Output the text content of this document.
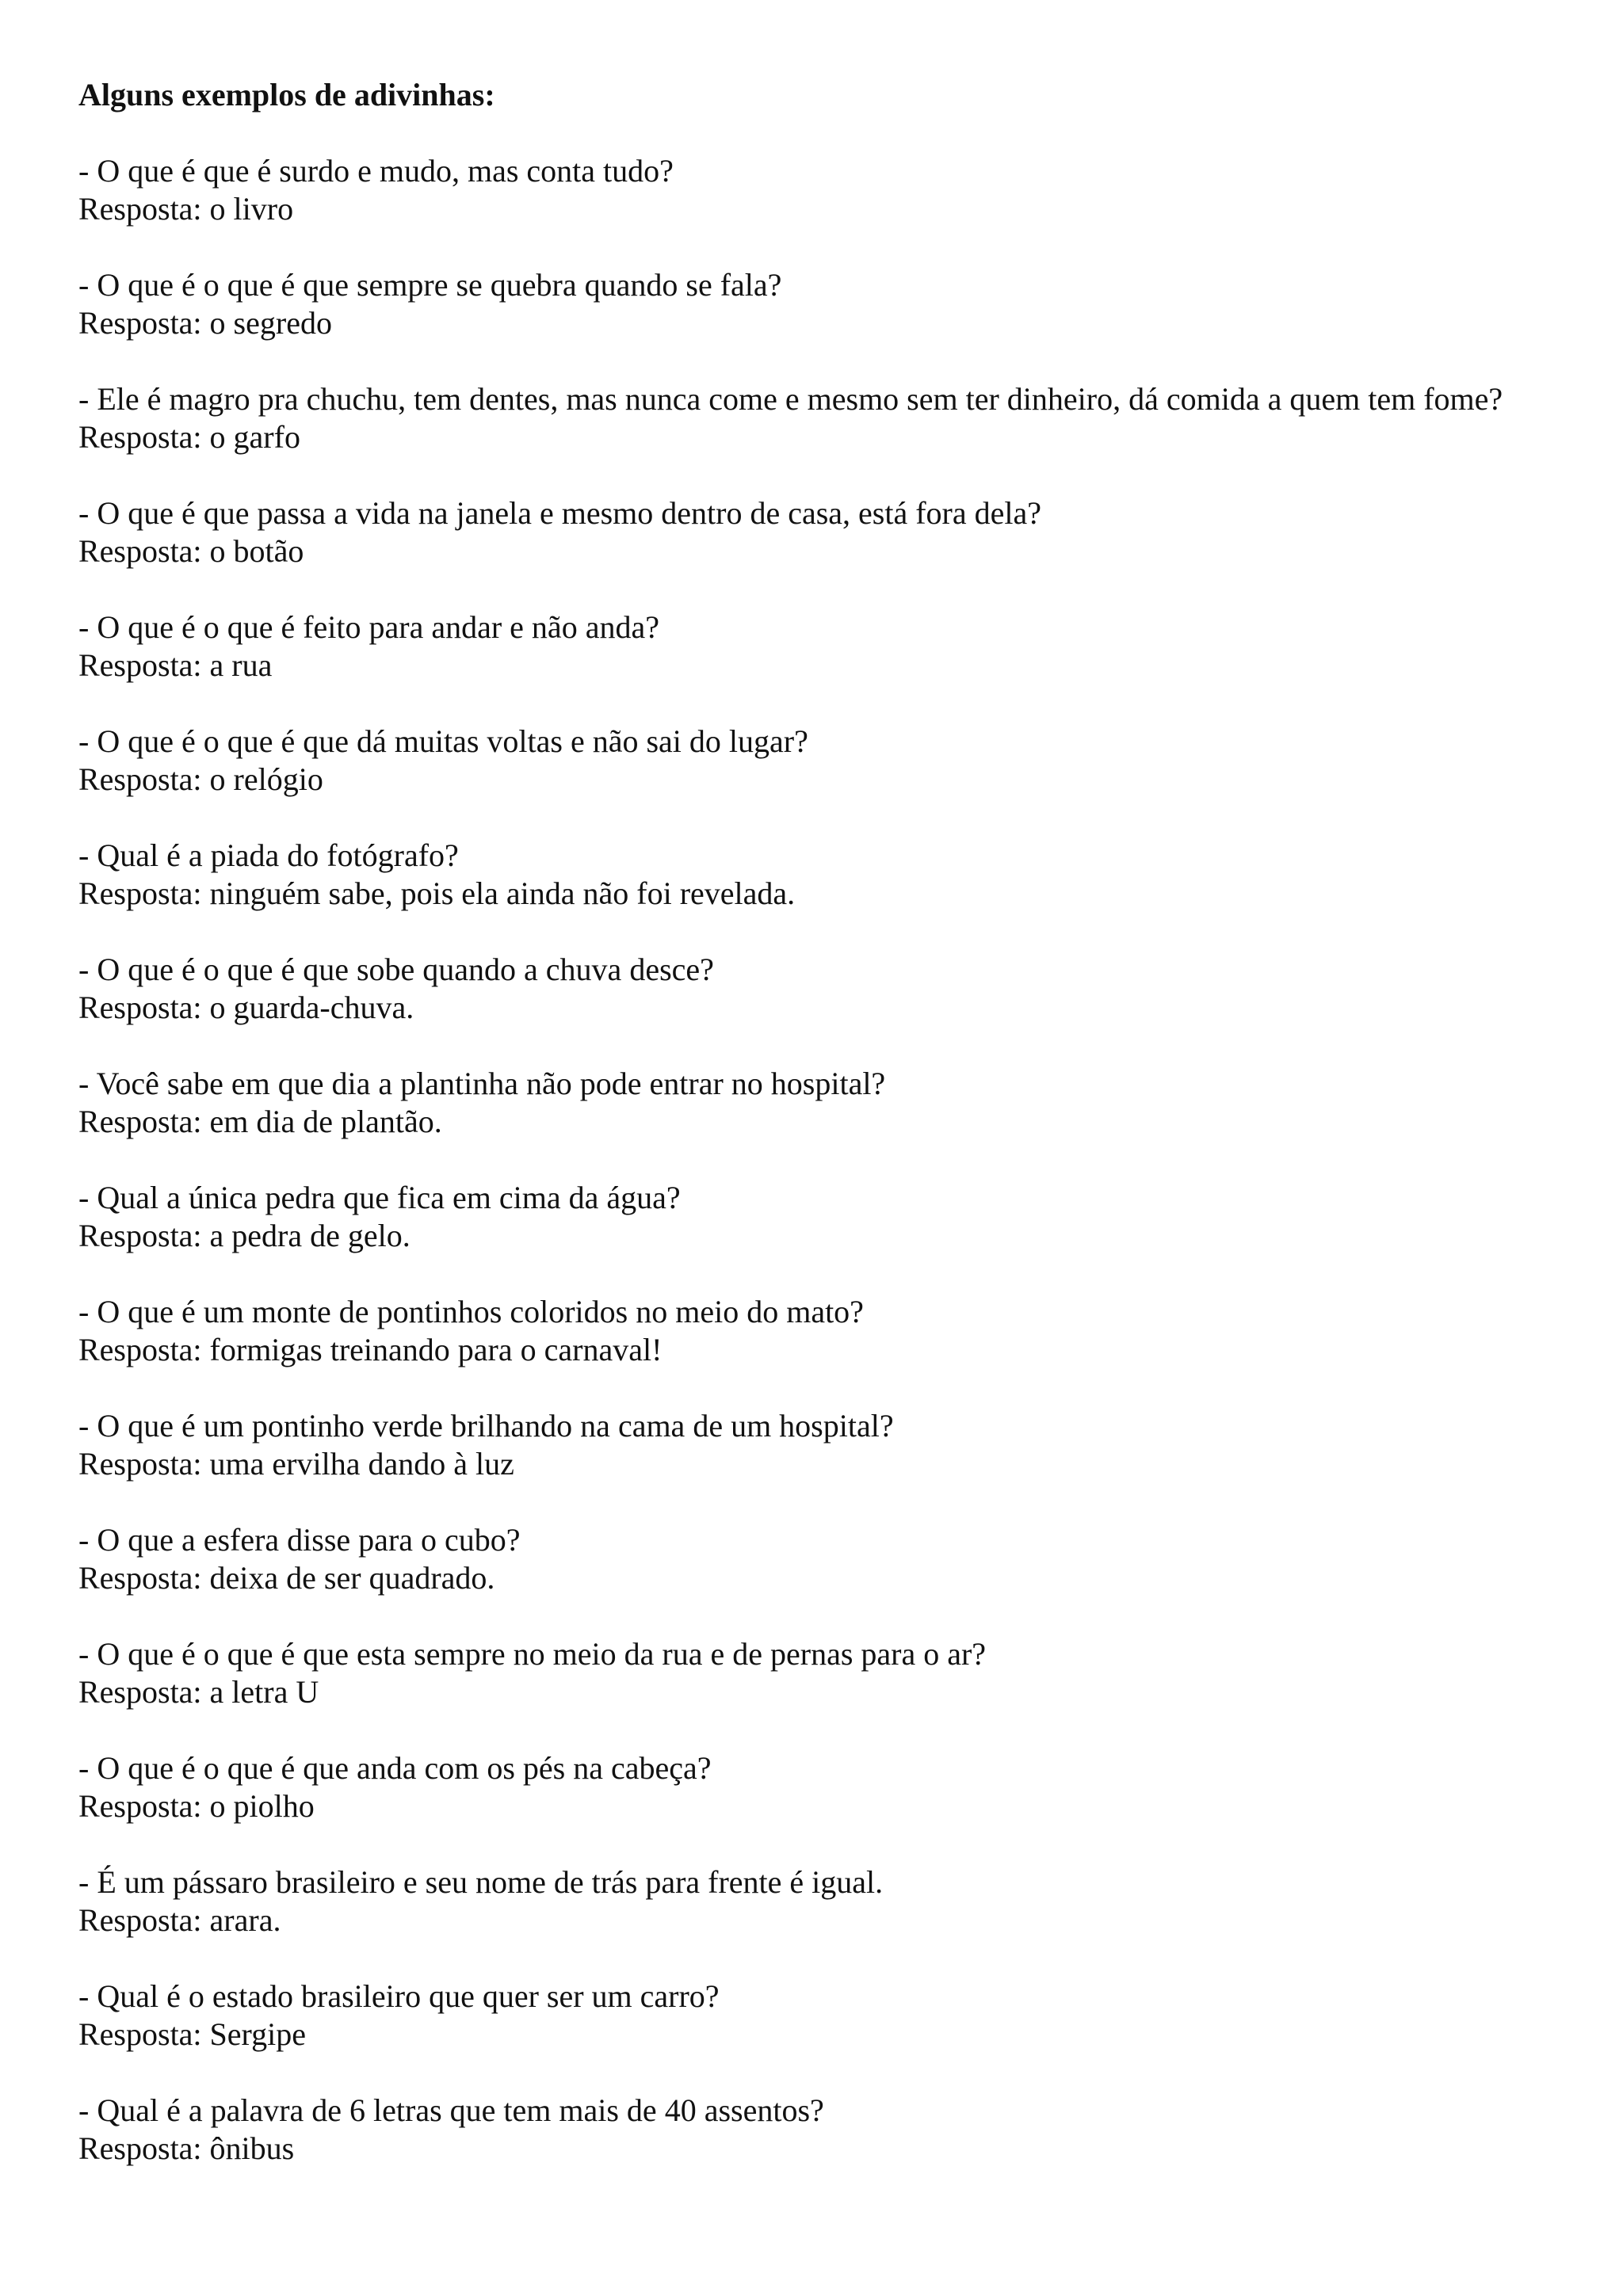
Alguns exemplos de adivinhas:
- O que é que é surdo e mudo, mas conta tudo?
Resposta: o livro
- O que é o que é que sempre se quebra quando se fala?
Resposta: o segredo
- Ele é magro pra chuchu, tem dentes, mas nunca come e mesmo sem ter dinheiro, dá comida a quem tem fome?
Resposta: o garfo
- O que é que passa a vida na janela e mesmo dentro de casa, está fora dela?
Resposta: o botão
- O que é o que é feito para andar e não anda?
Resposta: a rua
- O que é o que é que dá muitas voltas e não sai do lugar?
Resposta: o relógio
- Qual é a piada do fotógrafo?
Resposta: ninguém sabe, pois ela ainda não foi revelada.
- O que é o que é que sobe quando a chuva desce?
Resposta: o guarda-chuva.
- Você sabe em que dia a plantinha não pode entrar no hospital?
Resposta: em dia de plantão.
- Qual a única pedra que fica em cima da água?
Resposta: a pedra de gelo.
- O que é um monte de pontinhos coloridos no meio do mato?
Resposta: formigas treinando para o carnaval!
- O que é um pontinho verde brilhando na cama de um hospital?
Resposta: uma ervilha dando à luz
- O que a esfera disse para o cubo?
Resposta: deixa de ser quadrado.
- O que é o que é que esta sempre no meio da rua e de pernas para o ar?
Resposta: a letra U
- O que é o que é que anda com os pés na cabeça?
Resposta: o piolho
- É um pássaro brasileiro e seu nome de trás para frente é igual.
Resposta: arara.
- Qual é o estado brasileiro que quer ser um carro?
Resposta: Sergipe
- Qual é a palavra de 6 letras que tem mais de 40 assentos?
Resposta: ônibus
